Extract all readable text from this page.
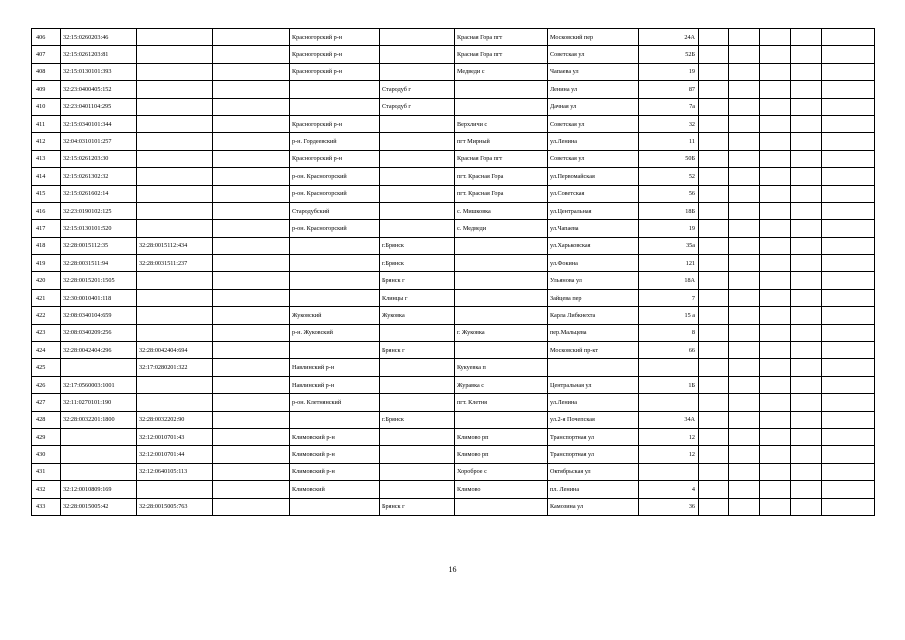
406	32:15:0260203:46			Красногорский р-н		Красная Гора пгт	Московский пер	24А					
407	32:15:0261203:81			Красногорский р-н		Красная Гора пгт	Советская ул	52Б					
408	32:15:0130101:393			Красногорский р-н		Медведи с	Чапаева ул	19					
409	32:23:0400405:152				Стародуб г		Ленина ул	87					
410	32:23:0401104:295				Стародуб г		Дачная ул	7а					
411	32:15:0340101:344			Красногорский р-н		Верхличи с	Советская ул	32					
412	32:04:0310101:257			р-н. Гордеевский		пгт Мирный	ул.Ленина	11					
413	32:15:0261203:30			Красногорский р-н		Красная Гора пгт	Советская ул	50Б					
414	32:15:0261302:32			р-он. Красногорский		пгт. Красная Гора	ул.Первомайская	52					
415	32:15:0261602:14			р-он. Красногорский		пгт. Красная Гора	ул.Советская	56					
416	32:23:0190102:125			Стародубский		с. Мишковка	ул.Центральная	18Б					
417	32:15:0130101:520			р-он. Красногорский		с. Медведи	ул.Чапаева	19					
418	32:28:0015112:35	32:28:0015112:434			г.Брянск		ул.Харьковская	35а					
419	32:28:0031511:94	32:28:0031511:237			г.Брянск		ул.Фокина	121					
420	32:28:0015201:1505				Брянск г		Ульянова ул	18А					
421	32:30:0010401:118				Клинцы г		Зайцева пер	7					
422	32:08:0340104:659			Жуковский	Жуковка		Карла Либкнехта	15 а					
423	32:08:0340209:256			р-н. Жуковский		г. Жуковка	пер.Мальцева	8					
424	32:28:0042404:296	32:28:0042404:694			Брянск г		Московский пр-кт	66					
425		32:17:0280201:322		Навлинский р-н		Кукуевка п							
426	32:17:0560003:1001			Навлинский р-н		Журавка с	Центральная ул	1Б					
427	32:11:0270101:190			р-он. Клетнянский		пгт. Клетня	ул.Ленина						
428	32:28:0032201:1800	32:28:0032202:90			г.Брянск		ул.2-я Почепская	34А					
429		32:12:0010701:43		Климовский р-н		Климово рп	Транспортная ул	12					
430		32:12:0010701:44		Климовский р-н		Климово рп	Транспортная ул	12					
431		32:12:0640105:113		Климовский р-н		Хороброе с	Октябрьская ул						
432	32:12:0010809:169			Климовский		Климово	пл. Ленина	4					
433	32:28:0015005:42	32:28:0015005:763			Брянск г		Камозина ул	36					
16
